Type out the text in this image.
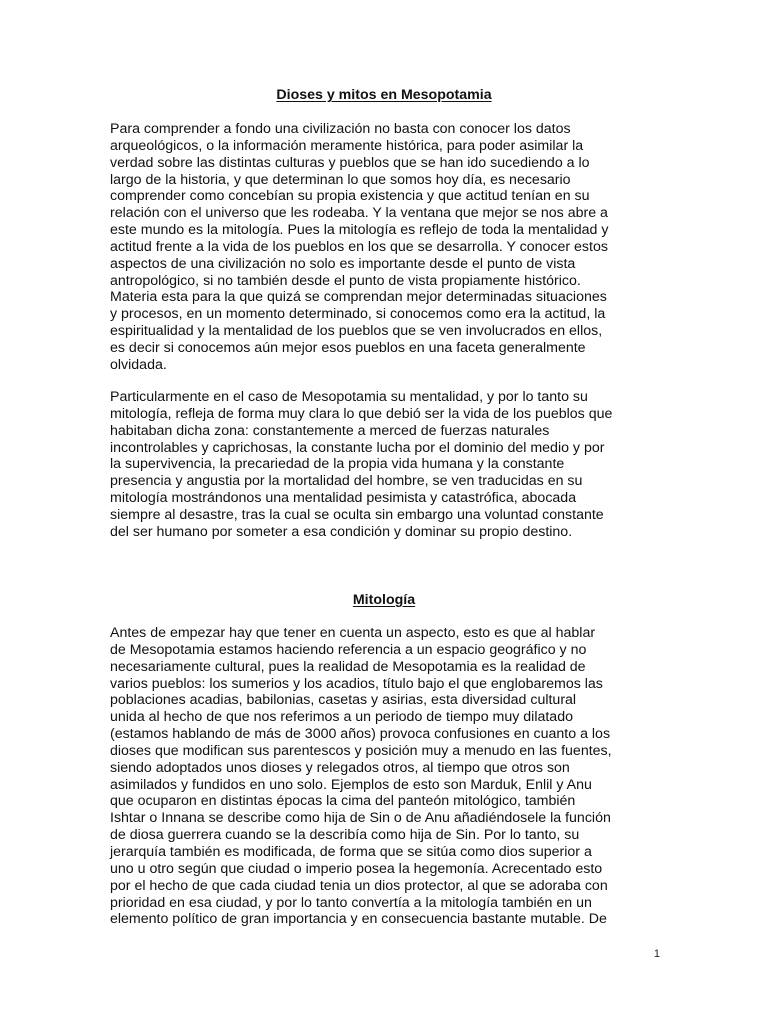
Dioses y mitos en Mesopotamia

Para comprender a fondo una civilización no basta con conocer los datos
arqueológicos, o la información meramente histórica, para poder asimilar la
verdad sobre las distintas culturas y pueblos que se han ido sucediendo a lo
largo de la historia, y que determinan lo que somos hoy día, es necesario
comprender como concebían su propia existencia y que actitud tenían en su
relación con el universo que les rodeaba. Y la ventana que mejor se nos abre a
este mundo es la mitología. Pues la mitología es reflejo de toda la mentalidad y
actitud frente a la vida de los pueblos en los que se desarrolla. Y conocer estos
aspectos de una civilización no solo es importante desde el punto de vista
antropológico, si no también desde el punto de vista propiamente histórico.
Materia esta para la que quizá se comprendan mejor determinadas situaciones
y procesos, en un momento determinado, si conocemos como era la actitud, la
espiritualidad y la mentalidad de los pueblos que se ven involucrados en ellos,
es decir si conocemos aún mejor esos pueblos en una faceta generalmente
olvidada.

Particularmente en el caso de Mesopotamia su mentalidad, y por lo tanto su
mitología, refleja de forma muy clara lo que debió ser la vida de los pueblos que
habitaban dicha zona: constantemente a merced de fuerzas naturales
incontrolables y caprichosas, la constante lucha por el dominio del medio y por
la supervivencia, la precariedad de la propia vida humana y la constante
presencia y angustia por la mortalidad del hombre, se ven traducidas en su
mitología mostrándonos una mentalidad pesimista y catastrófica, abocada
siempre al desastre, tras la cual se oculta sin embargo una voluntad constante
del ser humano por someter a esa condición y dominar su propio destino.

Mitología

Antes de empezar hay que tener en cuenta un aspecto, esto es que al hablar
de Mesopotamia estamos haciendo referencia a un espacio geográfico y no
necesariamente cultural, pues la realidad de Mesopotamia es la realidad de
varios pueblos: los sumerios y los acadios, título bajo el que englobaremos las
poblaciones acadias, babilonias, casetas y asirias, esta diversidad cultural
unida al hecho de que nos referimos a un periodo de tiempo muy dilatado
(estamos hablando de más de 3000 años) provoca confusiones en cuanto a los
dioses que modifican sus parentescos y posición muy a menudo en las fuentes,
siendo adoptados unos dioses y relegados otros, al tiempo que otros son
asimilados y fundidos en uno solo. Ejemplos de esto son Marduk, Enlil y Anu
que ocuparon en distintas épocas la cima del panteón mitológico, también
Ishtar o Innana se describe como hija de Sin o de Anu añadiéndosele la función
de diosa guerrera cuando se la describía como hija de Sin. Por lo tanto, su
jerarquía también es modificada, de forma que se sitúa como dios superior a
uno u otro según que ciudad o imperio posea la hegemonía. Acrecentado esto
por el hecho de que cada ciudad tenia un dios protector, al que se adoraba con
prioridad en esa ciudad, y por lo tanto convertía a la mitología también en un
elemento político de gran importancia y en consecuencia bastante mutable. De

1
